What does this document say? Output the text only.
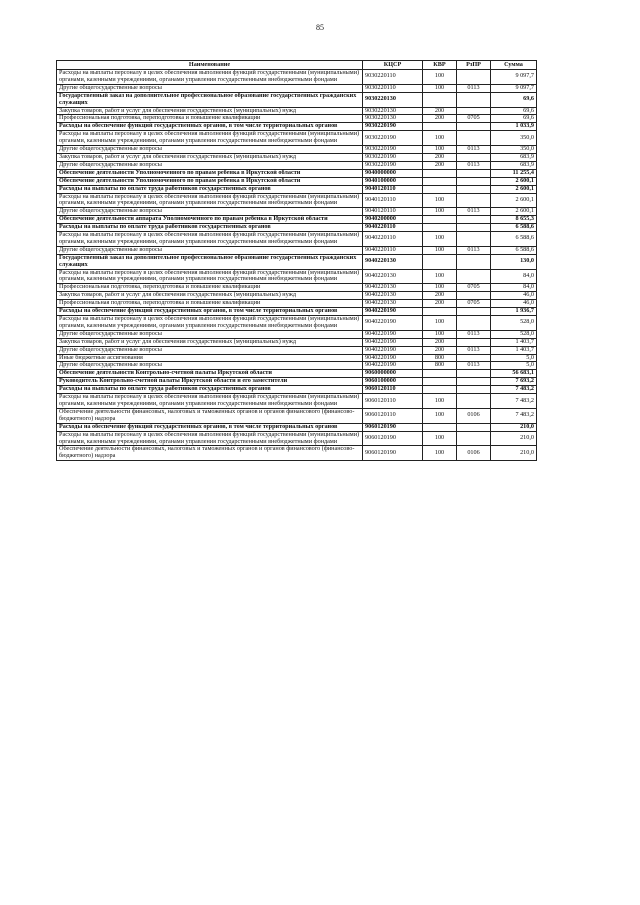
85
Наименование	КЦСР	КВР	РзПР	Сумма
Расходы на выплаты персоналу в целях обеспечения выполнения функций государственными (муниципальными) органами, казенными учреждениями, органами управления государственными внебюджетными фондами	9030220110	100		9 097,7
Другие общегосударственные вопросы	9030220110	100	0113	9 097,7
Государственный заказ на дополнительное профессиональное образование государственных гражданских служащих	9030220130			69,6
Закупка товаров, работ и услуг для обеспечения государственных (муниципальных) нужд	9030220130	200		69,6
Профессиональная подготовка, переподготовка и повышение квалификации	9030220130	200	0705	69,6
Расходы на обеспечение функций государственных органов, в том числе территориальных органов	9030220190			1 033,9
Расходы на выплаты персоналу в целях обеспечения выполнения функций государственными (муниципальными) органами, казенными учреждениями, органами управления государственными внебюджетными фондами	9030220190	100		350,0
Другие общегосударственные вопросы	9030220190	100	0113	350,0
Закупка товаров, работ и услуг для обеспечения государственных (муниципальных) нужд	9030220190	200		683,9
Другие общегосударственные вопросы	9030220190	200	0113	683,9
Обеспечение деятельности Уполномоченного по правам ребенка в Иркутской области	9040000000			11 255,4
Обеспечение деятельности Уполномоченного по правам ребенка в Иркутской области	9040100000			2 600,1
Расходы на выплаты по оплате труда работников государственных органов	9040120110			2 600,1
Расходы на выплаты персоналу в целях обеспечения выполнения функций государственными (муниципальными) органами, казенными учреждениями, органами управления государственными внебюджетными фондами	9040120110	100		2 600,1
Другие общегосударственные вопросы	9040120110	100	0113	2 600,1
Обеспечение деятельности аппарата Уполномоченного по правам ребенка в Иркутской области	9040200000			8 655,3
Расходы на выплаты по оплате труда работников государственных органов	9040220110			6 588,6
Расходы на выплаты персоналу в целях обеспечения выполнения функций государственными (муниципальными) органами, казенными учреждениями, органами управления государственными внебюджетными фондами	9040220110	100		6 588,6
Другие общегосударственные вопросы	9040220110	100	0113	6 588,6
Государственный заказ на дополнительное профессиональное образование государственных гражданских служащих	9040220130			130,0
Расходы на выплаты персоналу в целях обеспечения выполнения функций государственными (муниципальными) органами, казенными учреждениями, органами управления государственными внебюджетными фондами	9040220130	100		84,0
Профессиональная подготовка, переподготовка и повышение квалификации	9040220130	100	0705	84,0
Закупка товаров, работ и услуг для обеспечения государственных (муниципальных) нужд	9040220130	200		46,0
Профессиональная подготовка, переподготовка и повышение квалификации	9040220130	200	0705	46,0
Расходы на обеспечение функций государственных органов, в том числе территориальных органов	9040220190			1 936,7
Расходы на выплаты персоналу в целях обеспечения выполнения функций государственными (муниципальными) органами, казенными учреждениями, органами управления государственными внебюджетными фондами	9040220190	100		528,0
Другие общегосударственные вопросы	9040220190	100	0113	528,0
Закупка товаров, работ и услуг для обеспечения государственных (муниципальных) нужд	9040220190	200		1 403,7
Другие общегосударственные вопросы	9040220190	200	0113	1 403,7
Иные бюджетные ассигнования	9040220190	800		5,0
Другие общегосударственные вопросы	9040220190	800	0113	5,0
Обеспечение деятельности Контрольно-счетной палаты Иркутской области	9060000000			56 683,1
Руководитель Контрольно-счетной палаты Иркутской области и его заместители	9060100000			7 693,2
Расходы на выплаты по оплате труда работников государственных органов	9060120110			7 483,2
Расходы на выплаты персоналу в целях обеспечения выполнения функций государственными (муниципальными) органами, казенными учреждениями, органами управления государственными внебюджетными фондами	9060120110	100		7 483,2
Обеспечение деятельности финансовых, налоговых и таможенных органов и органов финансового (финансово-бюджетного) надзора	9060120110	100	0106	7 483,2
Расходы на обеспечение функций государственных органов, в том числе территориальных органов	9060120190			210,0
Расходы на выплаты персоналу в целях обеспечения выполнения функций государственными (муниципальными) органами, казенными учреждениями, органами управления государственными внебюджетными фондами	9060120190	100		210,0
Обеспечение деятельности финансовых, налоговых и таможенных органов и органов финансового (финансово-бюджетного) надзора	9060120190	100	0106	210,0
